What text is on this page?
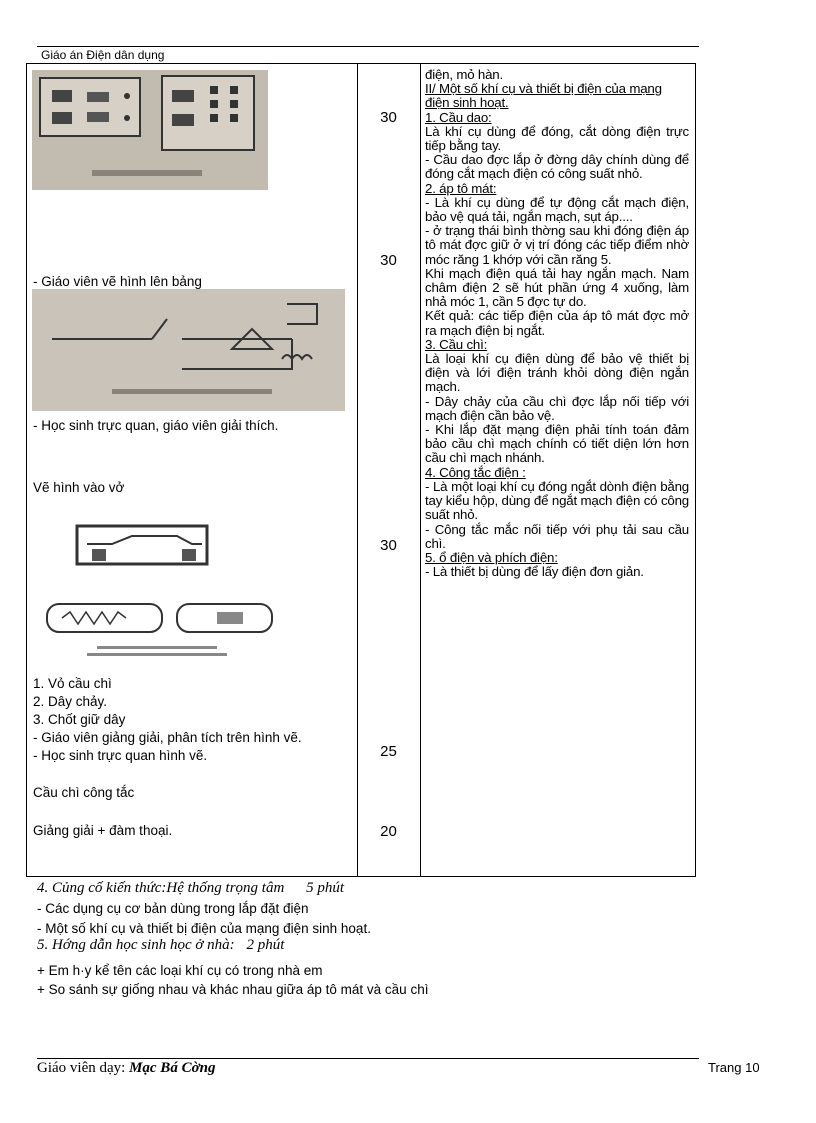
Giáo án Điện dân dụng
- Giáo viên vẽ hình lên bảng
- Học sinh trực quan, giáo viên giải thích.
Vẽ hình vào vở
1. Vỏ cầu chì
2. Dây chảy.
3. Chốt giữ dây
- Giáo viên giảng giải, phân tích trên hình vẽ.
- Học sinh trực quan hình vẽ.
Cầu chì công tắc
Giảng giải + đàm thoại.
30
30
30
25
20

điện, mỏ hàn.

II/ Một số khí cụ và thiết bị điện của mạng điện sinh hoạt.

1. Cầu dao:

Là khí cụ dùng để đóng, cắt dòng điện trực tiếp bằng tay.

- Cầu dao đợc lắp ở đờng dây chính dùng để đóng cắt mạch điện có công suất nhỏ.

2. áp tô mát:

- Là khí cụ dùng để tự động cắt mạch điện, bảo vệ quá tải, ngắn mạch, sụt áp....

- ở trạng thái bình thờng sau khi đóng điện áp tô mát đợc giữ ở vị trí đóng các tiếp điểm nhờ móc răng 1 khớp với cần răng 5.

Khi mạch điện quá tải hay ngắn mạch. Nam châm điện 2 sẽ hút phần ứng 4 xuống, làm nhả móc 1, cần 5 đợc tự do.

Kết quả: các tiếp điện của áp tô mát đợc mở ra mạch điện bị ngắt.

3. Cầu chì:

Là loại khí cụ điện dùng để bảo vệ thiết bị điện và lới điện tránh khỏi dòng điện ngắn mạch.

- Dây chảy của cầu chì đợc lắp nối tiếp với mạch điện cần bảo vệ.

- Khi lắp đặt mạng điện phải tính toán đảm bảo cầu chì mạch chính có tiết diện lớn hơn cầu chì mạch nhánh.

4. Công tắc điện :

- Là một loại khí cụ đóng ngắt dònh điện bằng tay kiểu hộp, dùng để ngắt mạch điện có công suất nhỏ.

- Công tắc mắc nối tiếp với phụ tải sau cầu chì.

5. ổ điện và phích điện:

- Là thiết bị dùng để lấy điện đơn giản.

4. Củng cố kiến thức:Hệ thống trọng tâm 5 phút
- Các dụng cụ cơ bản dùng trong lắp đặt điện
- Một số khí cụ và thiết bị điện của mạng điện sinh hoạt.
5. Hớng dẫn học sinh học ở nhà: 2 phút
+ Em h·y kể tên các loại khí cụ có trong nhà em
+ So sánh sự giống nhau và khác nhau giữa áp tô mát và cầu chì
Giáo viên dạy: Mạc Bá Cờng	Trang 10
